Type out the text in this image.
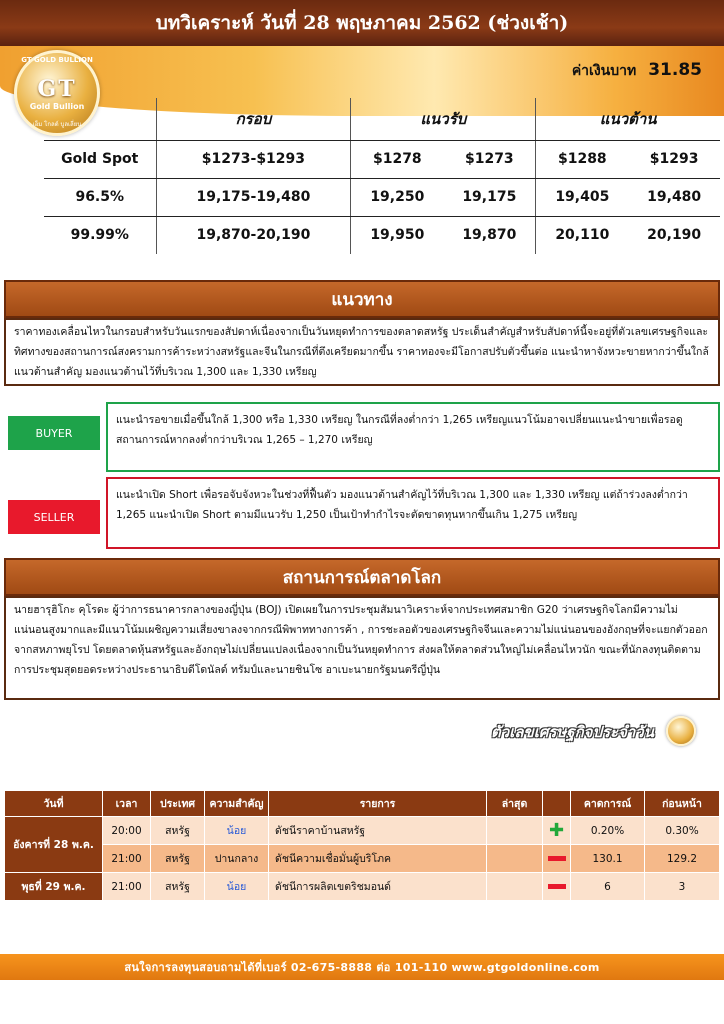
บทวิเคราะห์ วันที่ 28 พฤษภาคม 2562 (ช่วงเช้า)
GT GOLD BULLION
GT
Gold Bullion
เอ็ม โกลด์ บูลเลี่ยน
ค่าเงินบาท 31.85
	กรอบ	แนวรับ		แนวต้าน	
Gold Spot	$1273-$1293	$1278	$1273	$1288	$1293
96.5%	19,175-19,480	19,250	19,175	19,405	19,480
99.99%	19,870-20,190	19,950	19,870	20,110	20,190
แนวทาง
ราคาทองเคลื่อนไหวในกรอบสำหรับวันแรกของสัปดาห์เนื่องจากเป็นวันหยุดทำการของตลาดสหรัฐ ประเด็นสำคัญสำหรับสัปดาห์นี้จะอยู่ที่ตัวเลขเศรษฐกิจและทิศทางของสถานการณ์สงครามการค้าระหว่างสหรัฐและจีนในกรณีที่ตึงเครียดมากขึ้น ราคาทองจะมีโอกาสปรับตัวขึ้นต่อ แนะนำหาจังหวะขายหากว่าขึ้นใกล้แนวต้านสำคัญ มองแนวต้านไว้ที่บริเวณ 1,300 และ 1,330 เหรียญ
BUYER
แนะนำรอขายเมื่อขึ้นใกล้ 1,300 หรือ 1,330 เหรียญ ในกรณีที่ลงต่ำกว่า 1,265 เหรียญแนวโน้มอาจเปลี่ยนแนะนำขายเพื่อรอดูสถานการณ์หากลงต่ำกว่าบริเวณ 1,265 – 1,270 เหรียญ
SELLER
แนะนำเปิด Short เพื่อรอจับจังหวะในช่วงที่ฟื้นตัว มองแนวต้านสำคัญไว้ที่บริเวณ 1,300 และ 1,330 เหรียญ แต่ถ้าร่วงลงต่ำกว่า 1,265 แนะนำเปิด Short ตามมีแนวรับ 1,250 เป็นเป้าทำกำไรจะตัดขาดทุนหากขึ้นเกิน 1,275 เหรียญ
สถานการณ์ตลาดโลก
นายฮารุฮิโกะ คุโรดะ ผู้ว่าการธนาคารกลางของญี่ปุ่น (BOJ) เปิดเผยในการประชุมสัมนาวิเคราะห์จากประเทศสมาชิก G20 ว่าเศรษฐกิจโลกมีความไม่แน่นอนสูงมากและมีแนวโน้มเผชิญความเสี่ยงขาลงจากกรณีพิพาททางการค้า , การชะลอตัวของเศรษฐกิจจีนและความไม่แน่นอนของอังกฤษที่จะแยกตัวออกจากสหภาพยุโรป โดยตลาดหุ้นสหรัฐและอังกฤษไม่เปลี่ยนแปลงเนื่องจากเป็นวันหยุดทำการ ส่งผลให้ตลาดส่วนใหญ่ไม่เคลื่อนไหวนัก ขณะที่นักลงทุนติดตามการประชุมสุดยอดระหว่างประธานาธิบดีโดนัลด์ ทรัมป์และนายชินโซ อาเบะนายกรัฐมนตรีญี่ปุ่น
ตัวเลขเศรษฐกิจประจำวัน
วันที่	เวลา	ประเทศ	ความสำคัญ	รายการ	ล่าสุด		คาดการณ์	ก่อนหน้า
อังคารที่ 28 พ.ค.	20:00	สหรัฐ	น้อย	ดัชนีราคาบ้านสหรัฐ		✚	0.20%	0.30%
	21:00	สหรัฐ	ปานกลาง	ดัชนีความเชื่อมั่นผู้บริโภค			130.1	129.2
พุธที่ 29 พ.ค.	21:00	สหรัฐ	น้อย	ดัชนีการผลิตเขตริชมอนด์			6	3
สนใจการลงทุนสอบถามได้ที่เบอร์ 02-675-8888 ต่อ 101-110 www.gtgoldonline.com
